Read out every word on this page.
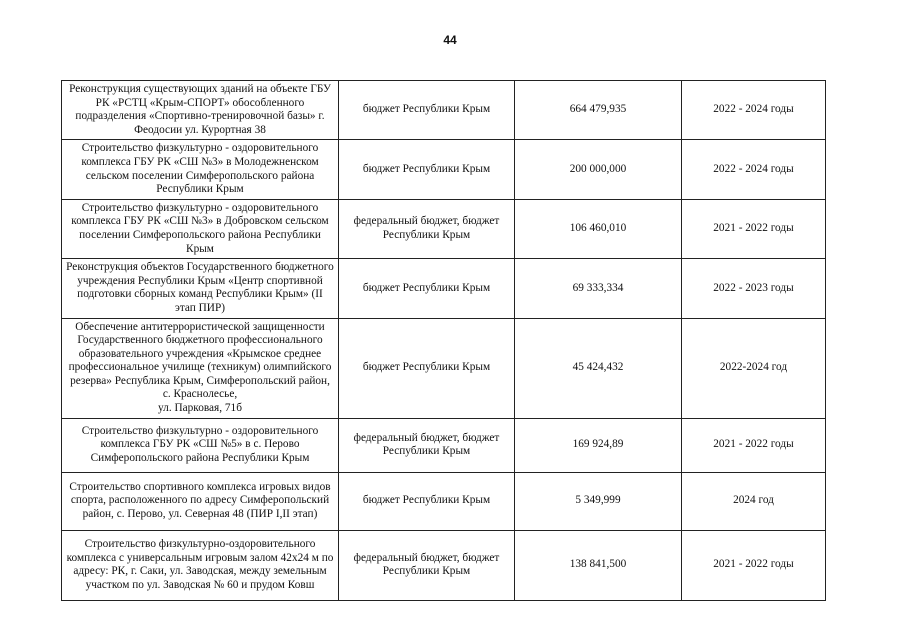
44
Реконструкция существующих зданий на объекте ГБУ РК «РСТЦ «Крым-СПОРТ» обособленного подразделения «Спортивно-тренировочной базы» г. Феодосии ул. Курортная 38	бюджет Республики Крым	664 479,935	2022 - 2024 годы
Строительство физкультурно - оздоровительного комплекса ГБУ РК «СШ №3» в Молодежненском сельском поселении Симферопольского района Республики Крым	бюджет Республики Крым	200 000,000	2022 - 2024 годы
Строительство физкультурно - оздоровительного комплекса ГБУ РК «СШ №3» в Добровском сельском поселении Симферопольского района Республики Крым	федеральный бюджет, бюджет Республики Крым	106 460,010	2021 - 2022 годы
Реконструкция объектов Государственного бюджетного учреждения Республики Крым «Центр спортивной подготовки сборных команд Республики Крым» (II этап ПИР)	бюджет Республики Крым	69 333,334	2022 - 2023 годы
Обеспечение антитеррористической защищенности Государственного бюджетного профессионального образовательного учреждения «Крымское среднее профессиональное училище (техникум) олимпийского резерва» Республика Крым, Симферопольский район, с. Краснолесье,
ул. Парковая, 71б	бюджет Республики Крым	45 424,432	2022-2024 год
Строительство физкультурно - оздоровительного комплекса ГБУ РК «СШ №5» в с. Перово Симферопольского района Республики Крым	федеральный бюджет, бюджет Республики Крым	169 924,89	2021 - 2022 годы
Строительство спортивного комплекса игровых видов спорта, расположенного по адресу Симферопольский район, с. Перово, ул. Северная 48 (ПИР I,II этап)	бюджет Республики Крым	5 349,999	2024 год
Строительство физкультурно-оздоровительного комплекса с универсальным игровым залом 42х24 м по адресу: РК, г. Саки, ул. Заводская, между земельным участком по ул. Заводская № 60 и прудом Ковш	федеральный бюджет, бюджет Республики Крым	138 841,500	2021 - 2022 годы
